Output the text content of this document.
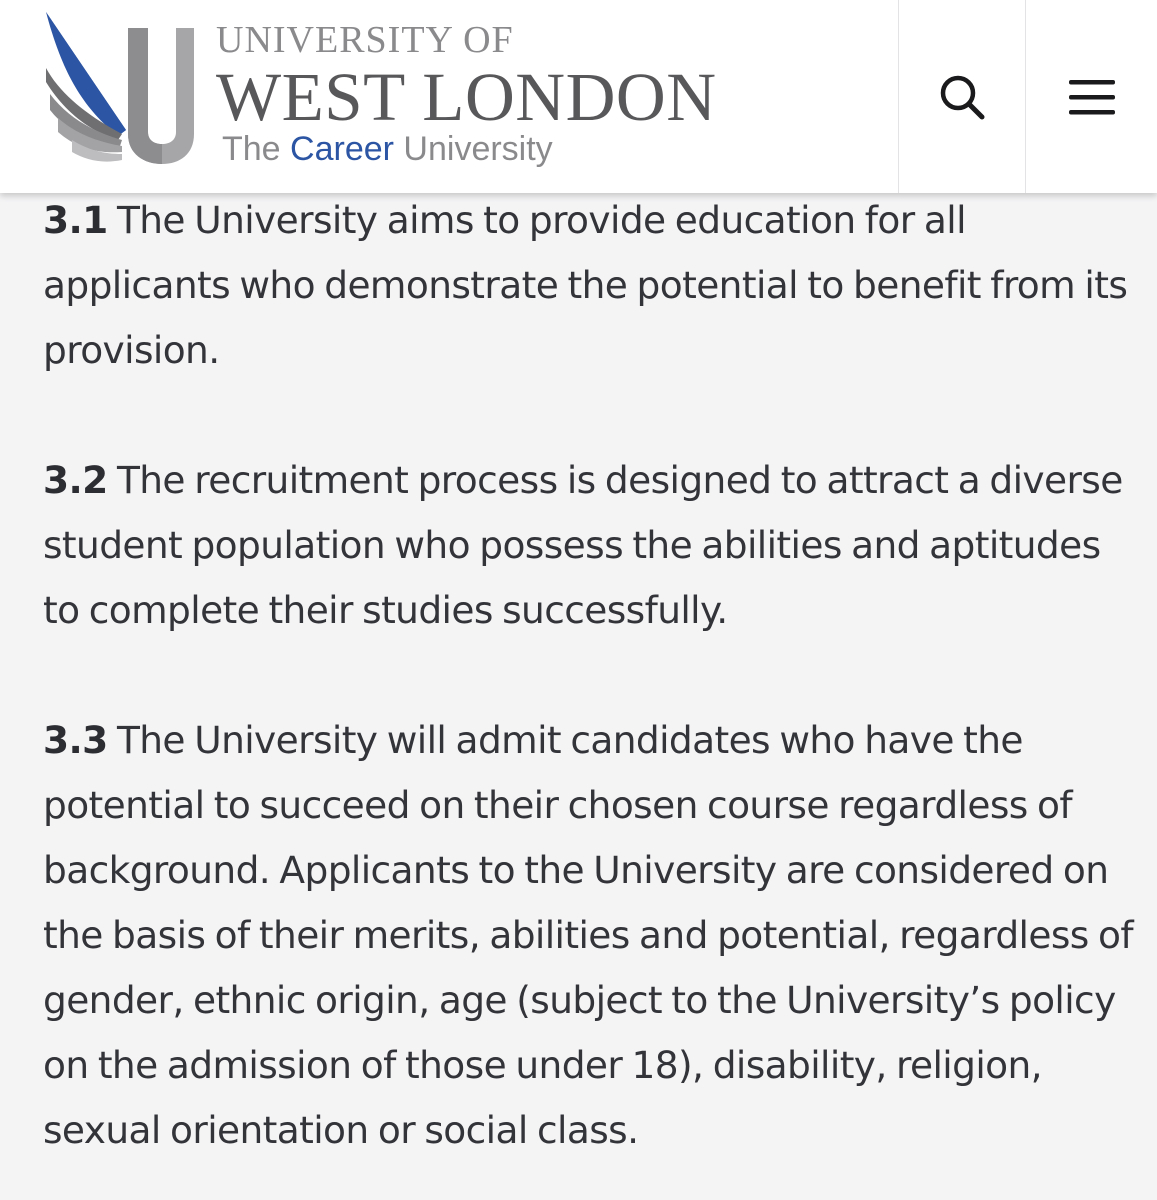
UNIVERSITY OF
WEST LONDON
The Career University

3.1 The University aims to provide education for all applicants who demonstrate the potential to benefit from its provision.

3.2 The recruitment process is designed to attract a diverse student population who possess the abilities and aptitudes to complete their studies successfully.

3.3 The University will admit candidates who have the potential to succeed on their chosen course regardless of background. Applicants to the University are considered on the basis of their merits, abilities and potential, regardless of gender, ethnic origin, age (subject to the University’s policy on the admission of those under 18), disability, religion, sexual orientation or social class.
